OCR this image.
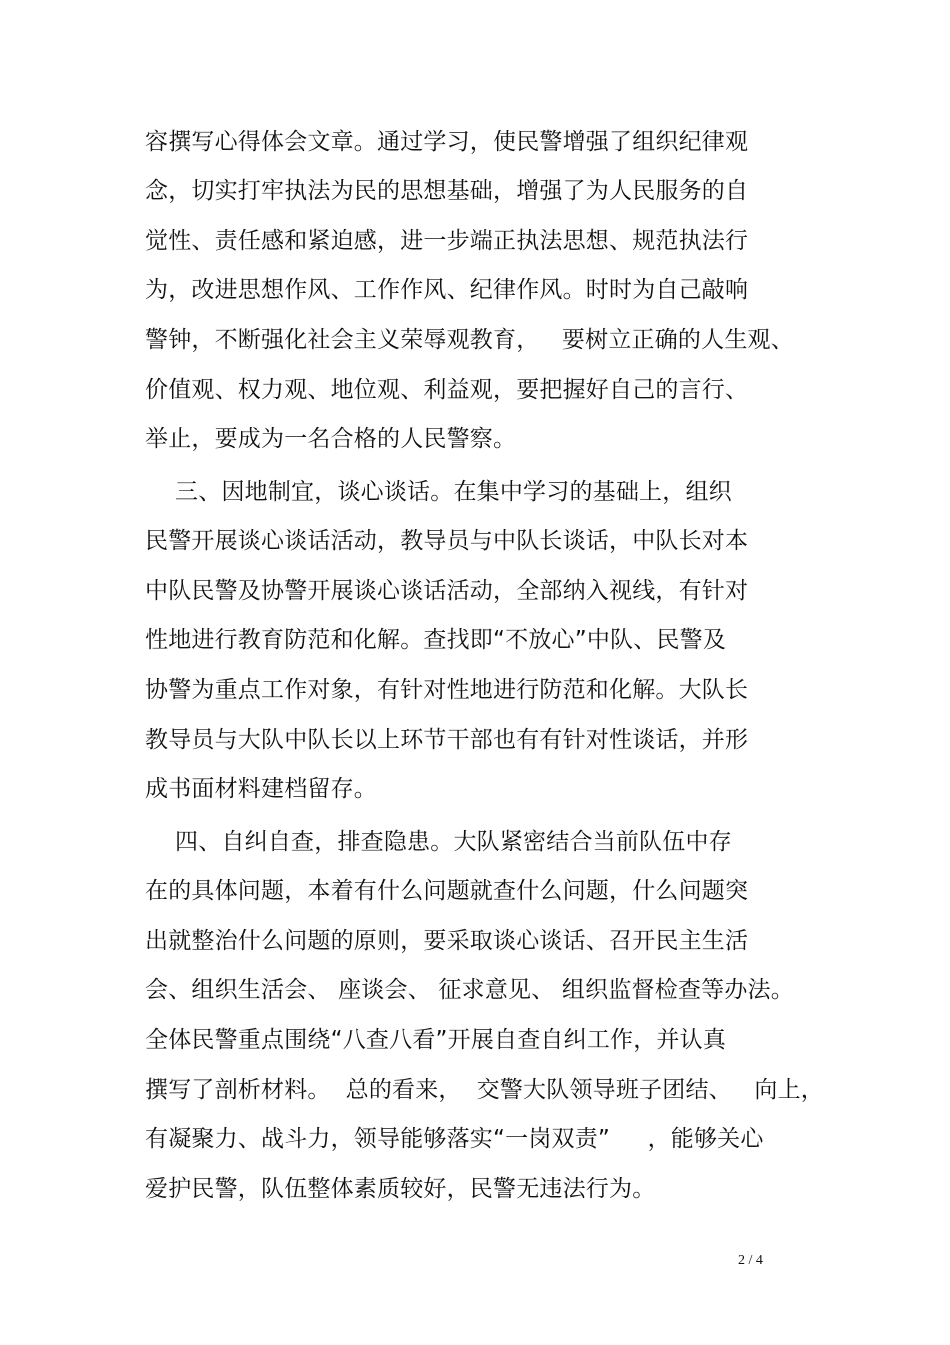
容撰写心得体会文章。通过学习，使民警增强了组织纪律观
念，切实打牢执法为民的思想基础，增强了为人民服务的自
觉性、责任感和紧迫感，进一步端正执法思想、规范执法行
为，改进思想作风、工作作风、纪律作风。时时为自己敲响
警钟，不断强化社会主义荣辱观教育，   要树立正确的人生观、
价值观、权力观、地位观、利益观，要把握好自己的言行、
举止，要成为一名合格的人民警察。
三、因地制宜，谈心谈话。在集中学习的基础上，组织
民警开展谈心谈话活动，教导员与中队长谈话，中队长对本
中队民警及协警开展谈心谈话活动，全部纳入视线，有针对
性地进行教育防范和化解。查找即“不放心”中队、民警及
协警为重点工作对象，有针对性地进行防范和化解。大队长
教导员与大队中队长以上环节干部也有有针对性谈话，并形
成书面材料建档留存。
四、自纠自查，排查隐患。大队紧密结合当前队伍中存
在的具体问题，本着有什么问题就查什么问题，什么问题突
出就整治什么问题的原则，要采取谈心谈话、召开民主生活
会、组织生活会、 座谈会、 征求意见、 组织监督检查等办法。
全体民警重点围绕“八查八看”开展自查自纠工作，并认真
撰写了剖析材料。  总的看来，  交警大队领导班子团结、   向上，
有凝聚力、战斗力，领导能够落实“一岗双责”     ，能够关心
爱护民警，队伍整体素质较好，民警无违法行为。
2 / 4
